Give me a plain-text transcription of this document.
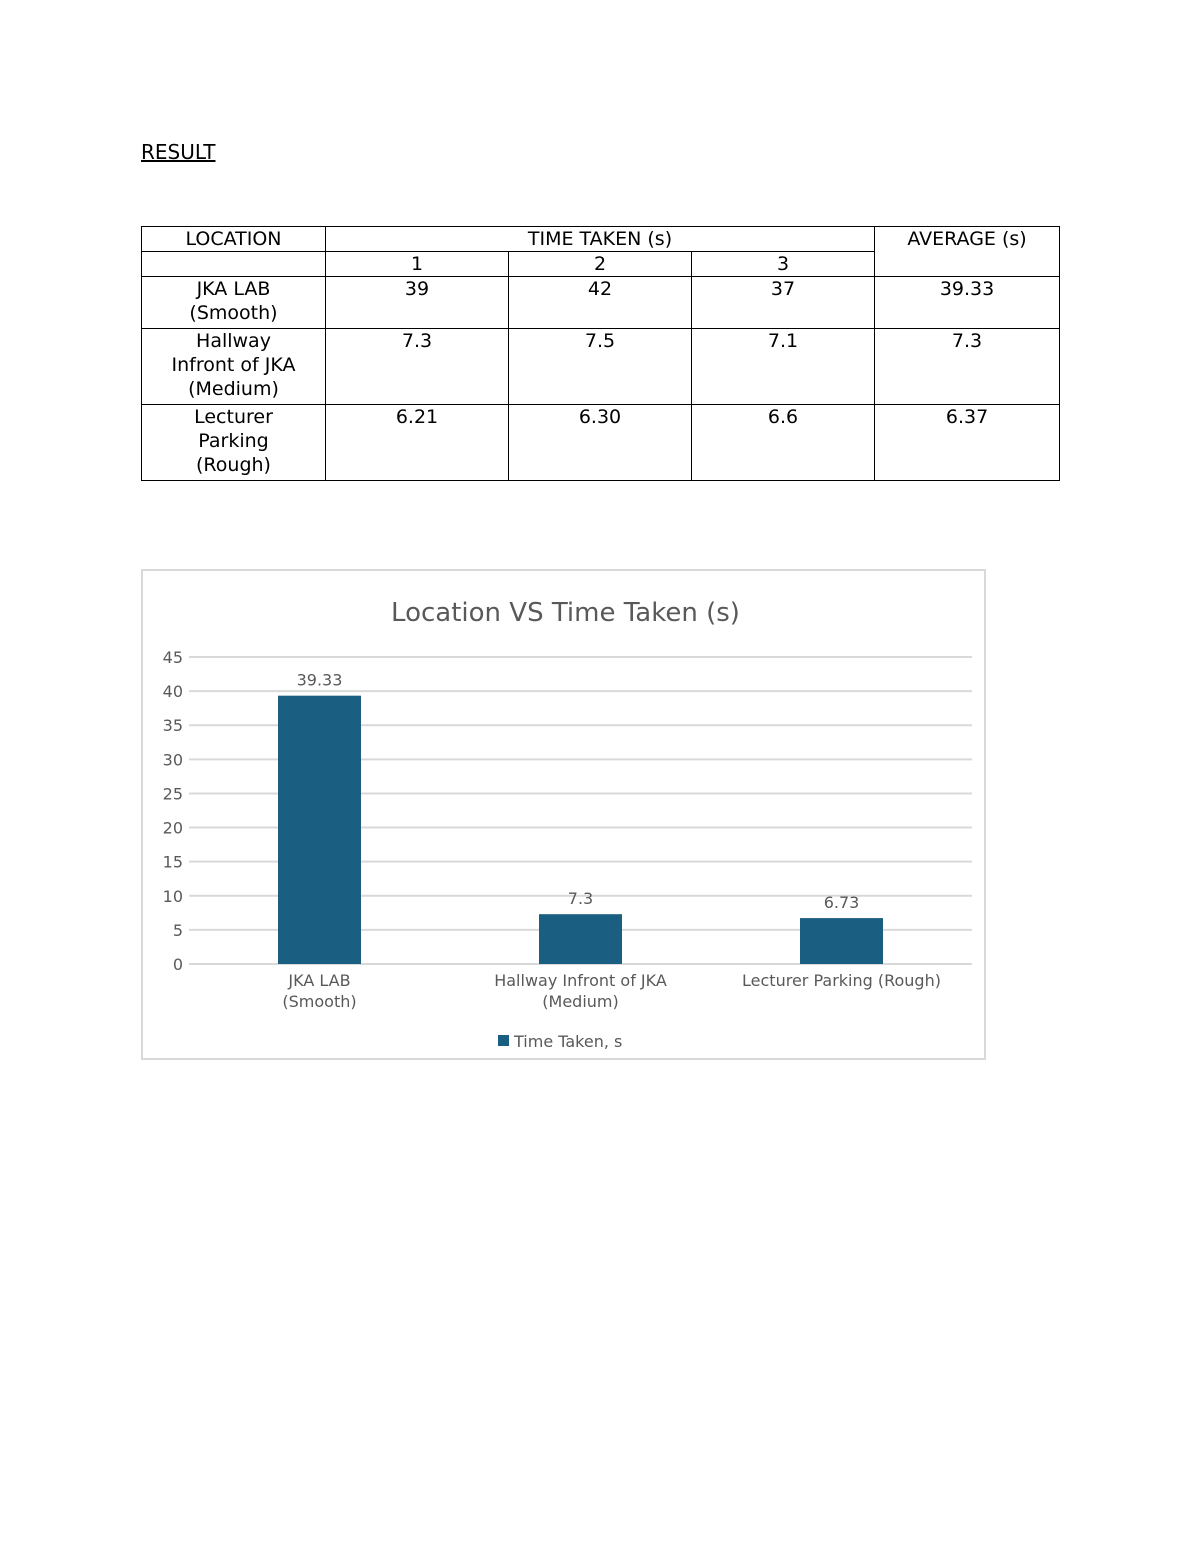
RESULT
LOCATION	TIME TAKEN (s)			AVERAGE (s)
	1	2	3	

JKA LAB
(Smooth)	39	42	37	39.33

Hallway
Infront of JKA
(Medium)	7.3	7.5	7.1	7.3

Lecturer
Parking
(Rough)	6.21	6.30	6.6	6.37
Location VS Time Taken (s)
0
5
10
15
20
25
30
35
40
45
39.33
JKA LAB
(Smooth)
7.3
Hallway Infront of JKA
(Medium)
6.73
Lecturer Parking (Rough)
Time Taken, s
